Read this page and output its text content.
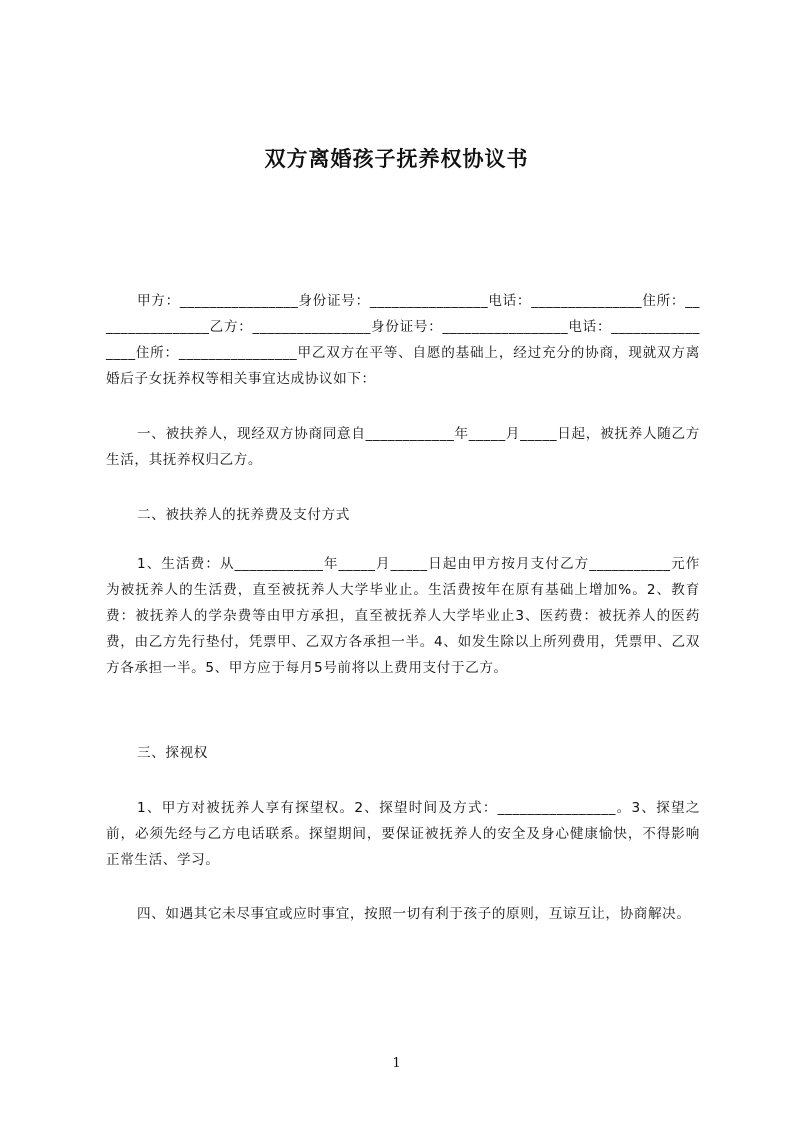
双方离婚孩子抚养权协议书
甲方：________________身份证号：________________电话：_______________住所：________________乙方：________________身份证号：_________________电话：________________住所：________________甲乙双方在平等、自愿的基础上，经过充分的协商，现就双方离婚后子女抚养权等相关事宜达成协议如下：
一、被扶养人，现经双方协商同意自____________年_____月_____日起，被抚养人随乙方生活，其抚养权归乙方。
二、被扶养人的抚养费及支付方式
1、生活费：从____________年_____月_____日起由甲方按月支付乙方___________元作为被抚养人的生活费，直至被抚养人大学毕业止。生活费按年在原有基础上增加%。2、教育费：被抚养人的学杂费等由甲方承担，直至被抚养人大学毕业止3、医药费：被抚养人的医药费，由乙方先行垫付，凭票甲、乙双方各承担一半。4、如发生除以上所列费用，凭票甲、乙双方各承担一半。5、甲方应于每月5号前将以上费用支付于乙方。
三、探视权
1、甲方对被抚养人享有探望权。2、探望时间及方式：________________。3、探望之前，必须先经与乙方电话联系。探望期间，要保证被抚养人的安全及身心健康愉快，不得影响正常生活、学习。
四、如遇其它未尽事宜或应时事宜，按照一切有利于孩子的原则，互谅互让，协商解决。
1
